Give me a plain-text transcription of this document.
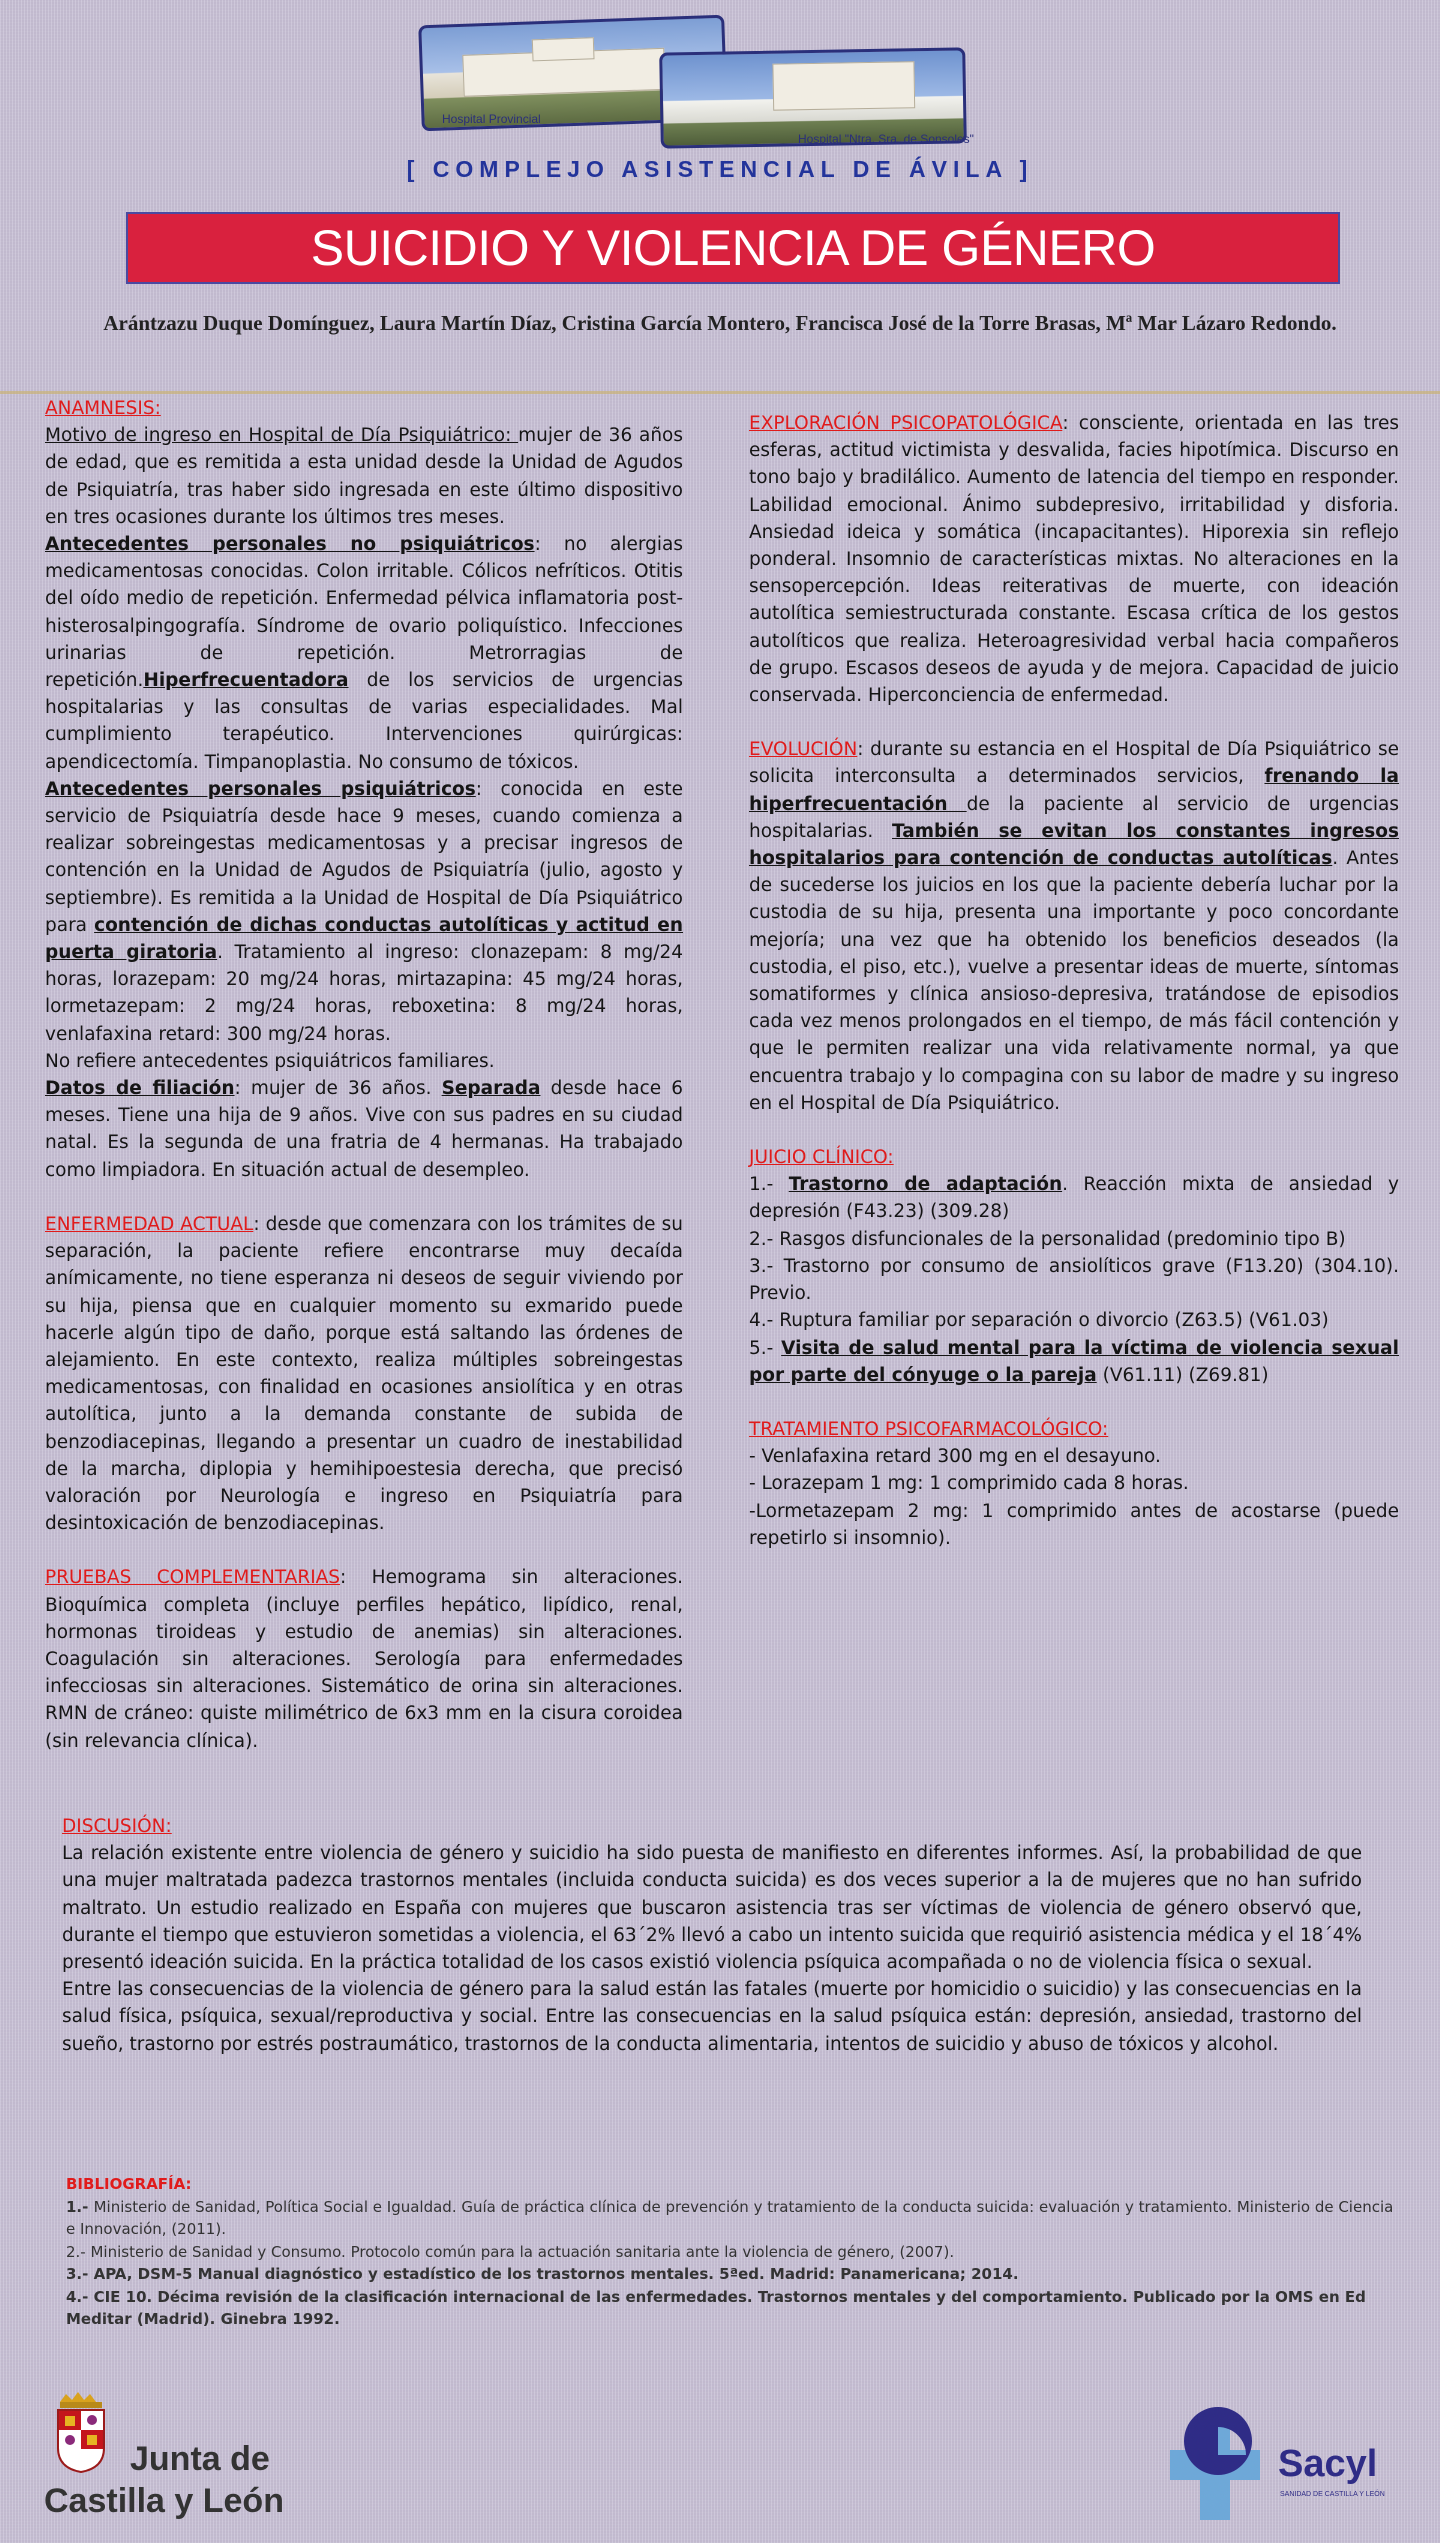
Hospital Provincial
Hospital "Ntra. Sra. de Sonsoles"
[ COMPLEJO ASISTENCIAL DE ÁVILA ]
SUICIDIO Y VIOLENCIA DE GÉNERO
Arántzazu Duque Domínguez, Laura Martín Díaz, Cristina García Montero, Francisca José de la Torre Brasas, Mª Mar Lázaro Redondo.

ANAMNESIS:
Motivo de ingreso en Hospital de Día Psiquiátrico: mujer de 36 años de edad, que es remitida a esta unidad desde la Unidad de Agudos de Psiquiatría, tras haber sido ingresada en este último dispositivo en tres ocasiones durante los últimos tres meses.
Antecedentes personales no psiquiátricos: no alergias medicamentosas conocidas. Colon irritable. Cólicos nefríticos. Otitis del oído medio de repetición. Enfermedad pélvica inflamatoria post-histerosalpingografía. Síndrome de ovario poliquístico. Infecciones urinarias de repetición. Metrorragias de repetición.Hiperfrecuentadora de los servicios de urgencias hospitalarias y las consultas de varias especialidades. Mal cumplimiento terapéutico. Intervenciones quirúrgicas: apendicectomía. Timpanoplastia. No consumo de tóxicos.
Antecedentes personales psiquiátricos: conocida en este servicio de Psiquiatría desde hace 9 meses, cuando comienza a realizar sobreingestas medicamentosas y a precisar ingresos de contención en la Unidad de Agudos de Psiquiatría (julio, agosto y septiembre). Es remitida a la Unidad de Hospital de Día Psiquiátrico para contención de dichas conductas autolíticas y actitud en puerta giratoria. Tratamiento al ingreso: clonazepam: 8 mg/24 horas, lorazepam: 20 mg/24 horas, mirtazapina: 45 mg/24 horas, lormetazepam: 2 mg/24 horas, reboxetina: 8 mg/24 horas, venlafaxina retard: 300 mg/24 horas.
No refiere antecedentes psiquiátricos familiares.
Datos de filiación: mujer de 36 años. Separada desde hace 6 meses. Tiene una hija de 9 años. Vive con sus padres en su ciudad natal. Es la segunda de una fratria de 4 hermanas. Ha trabajado como limpiadora. En situación actual de desempleo.

ENFERMEDAD ACTUAL: desde que comenzara con los trámites de su separación, la paciente refiere encontrarse muy decaída anímicamente, no tiene esperanza ni deseos de seguir viviendo por su hija, piensa que en cualquier momento su exmarido puede hacerle algún tipo de daño, porque está saltando las órdenes de alejamiento. En este contexto, realiza múltiples sobreingestas medicamentosas, con finalidad en ocasiones ansiolítica y en otras autolítica, junto a la demanda constante de subida de benzodiacepinas, llegando a presentar un cuadro de inestabilidad de la marcha, diplopia y hemihipoestesia derecha, que precisó valoración por Neurología e ingreso en Psiquiatría para desintoxicación de benzodiacepinas.

PRUEBAS COMPLEMENTARIAS: Hemograma sin alteraciones. Bioquímica completa (incluye perfiles hepático, lipídico, renal, hormonas tiroideas y estudio de anemias) sin alteraciones. Coagulación sin alteraciones. Serología para enfermedades infecciosas sin alteraciones. Sistemático de orina sin alteraciones. RMN de cráneo: quiste milimétrico de 6x3 mm en la cisura coroidea (sin relevancia clínica).

EXPLORACIÓN PSICOPATOLÓGICA: consciente, orientada en las tres esferas, actitud victimista y desvalida, facies hipotímica. Discurso en tono bajo y bradilálico. Aumento de latencia del tiempo en responder. Labilidad emocional. Ánimo subdepresivo, irritabilidad y disforia. Ansiedad ideica y somática (incapacitantes). Hiporexia sin reflejo ponderal. Insomnio de características mixtas. No alteraciones en la sensopercepción. Ideas reiterativas de muerte, con ideación autolítica semiestructurada constante. Escasa crítica de los gestos autolíticos que realiza. Heteroagresividad verbal hacia compañeros de grupo. Escasos deseos de ayuda y de mejora. Capacidad de juicio conservada. Hiperconciencia de enfermedad.

EVOLUCIÓN: durante su estancia en el Hospital de Día Psiquiátrico se solicita interconsulta a determinados servicios, frenando la hiperfrecuentación de la paciente al servicio de urgencias hospitalarias. También se evitan los constantes ingresos hospitalarios para contención de conductas autolíticas. Antes de sucederse los juicios en los que la paciente debería luchar por la custodia de su hija, presenta una importante y poco concordante mejoría; una vez que ha obtenido los beneficios deseados (la custodia, el piso, etc.), vuelve a presentar ideas de muerte, síntomas somatiformes y clínica ansioso-depresiva, tratándose de episodios cada vez menos prolongados en el tiempo, de más fácil contención y que le permiten realizar una vida relativamente normal, ya que encuentra trabajo y lo compagina con su labor de madre y su ingreso en el Hospital de Día Psiquiátrico.

JUICIO CLÍNICO:
1.- Trastorno de adaptación. Reacción mixta de ansiedad y depresión (F43.23) (309.28)
2.- Rasgos disfuncionales de la personalidad (predominio tipo B)
3.- Trastorno por consumo de ansiolíticos grave (F13.20) (304.10). Previo.
4.- Ruptura familiar por separación o divorcio (Z63.5) (V61.03)
5.- Visita de salud mental para la víctima de violencia sexual por parte del cónyuge o la pareja (V61.11) (Z69.81)

TRATAMIENTO PSICOFARMACOLÓGICO:
- Venlafaxina retard 300 mg en el desayuno.
- Lorazepam 1 mg: 1 comprimido cada 8 horas.
-Lormetazepam 2 mg: 1 comprimido antes de acostarse (puede repetirlo si insomnio).

DISCUSIÓN:
La relación existente entre violencia de género y suicidio ha sido puesta de manifiesto en diferentes informes. Así, la probabilidad de que una mujer maltratada padezca trastornos mentales (incluida conducta suicida) es dos veces superior a la de mujeres que no han sufrido maltrato. Un estudio realizado en España con mujeres que buscaron asistencia tras ser víctimas de violencia de género observó que, durante el tiempo que estuvieron sometidas a violencia, el 63´2% llevó a cabo un intento suicida que requirió asistencia médica y el 18´4% presentó ideación suicida. En la práctica totalidad de los casos existió violencia psíquica acompañada o no de violencia física o sexual.
Entre las consecuencias de la violencia de género para la salud están las fatales (muerte por homicidio o suicidio) y las consecuencias en la salud física, psíquica, sexual/reproductiva y social. Entre las consecuencias en la salud psíquica están: depresión, ansiedad, trastorno del sueño, trastorno por estrés postraumático, trastornos de la conducta alimentaria, intentos de suicidio y abuso de tóxicos y alcohol.

BIBLIOGRAFÍA:
1.- Ministerio de Sanidad, Política Social e Igualdad. Guía de práctica clínica de prevención y tratamiento de la conducta suicida: evaluación y tratamiento. Ministerio de Ciencia e Innovación, (2011).
2.- Ministerio de Sanidad y Consumo. Protocolo común para la actuación sanitaria ante la violencia de género, (2007).
3.- APA, DSM-5 Manual diagnóstico y estadístico de los trastornos mentales. 5ªed. Madrid: Panamericana; 2014.
4.- CIE 10. Décima revisión de la clasificación internacional de las enfermedades. Trastornos mentales y del comportamiento. Publicado por la OMS en Ed Meditar (Madrid). Ginebra 1992.
Junta de
Castilla y León
Sacyl
SANIDAD DE CASTILLA Y LEÓN
